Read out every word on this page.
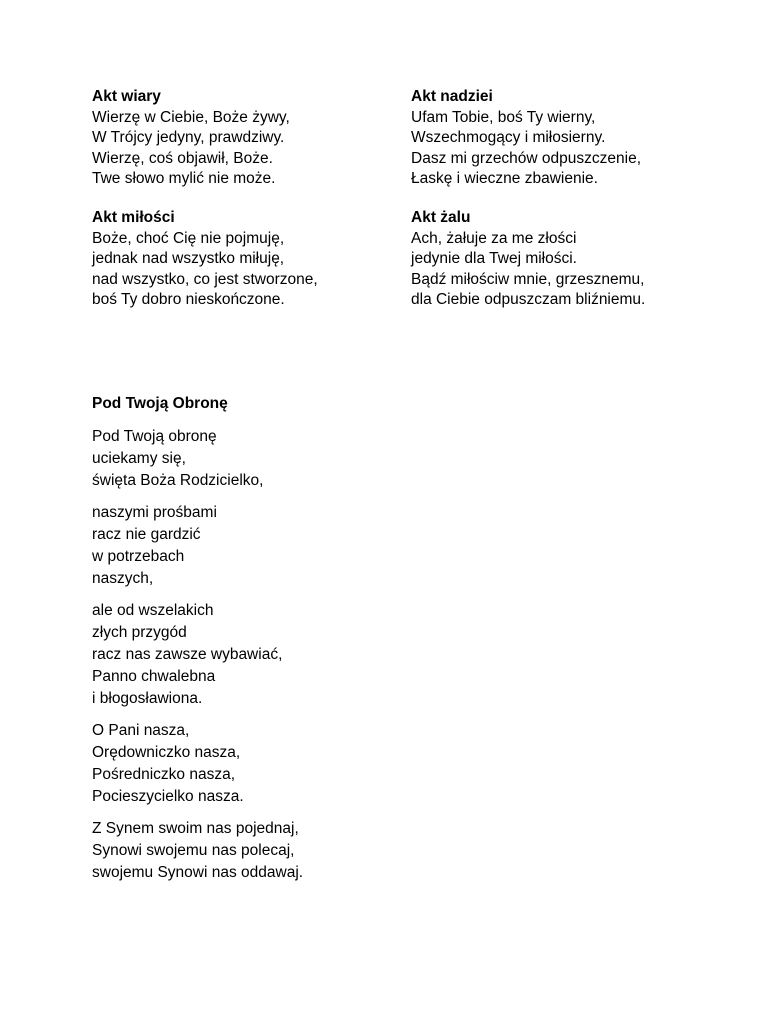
Akt wiary
Wierzę w Ciebie, Boże żywy,
W Trójcy jedyny, prawdziwy.
Wierzę, coś objawił, Boże.
Twe słowo mylić nie może.
Akt nadziei
Ufam Tobie, boś Ty wierny,
Wszechmogący i miłosierny.
Dasz mi grzechów odpuszczenie,
Łaskę i wieczne zbawienie.
Akt miłości
Boże, choć Cię nie pojmuję,
jednak nad wszystko miłuję,
nad wszystko, co jest stworzone,
boś Ty dobro nieskończone.
Akt żalu
Ach, żałuje za me złości
jedynie dla Twej miłości.
Bądź miłościw mnie, grzesznemu,
dla Ciebie odpuszczam bliźniemu.
Pod Twoją Obronę
Pod Twoją obronę
uciekamy się,
święta Boża Rodzicielko,
naszymi prośbami
racz nie gardzić
w potrzebach
naszych,
ale od wszelakich
złych przygód
racz nas zawsze wybawiać,
Panno chwalebna
i błogosławiona.
O Pani nasza,
Orędowniczko nasza,
Pośredniczko nasza,
Pocieszycielko nasza.
Z Synem swoim nas pojednaj,
Synowi swojemu nas polecaj,
swojemu Synowi nas oddawaj.
